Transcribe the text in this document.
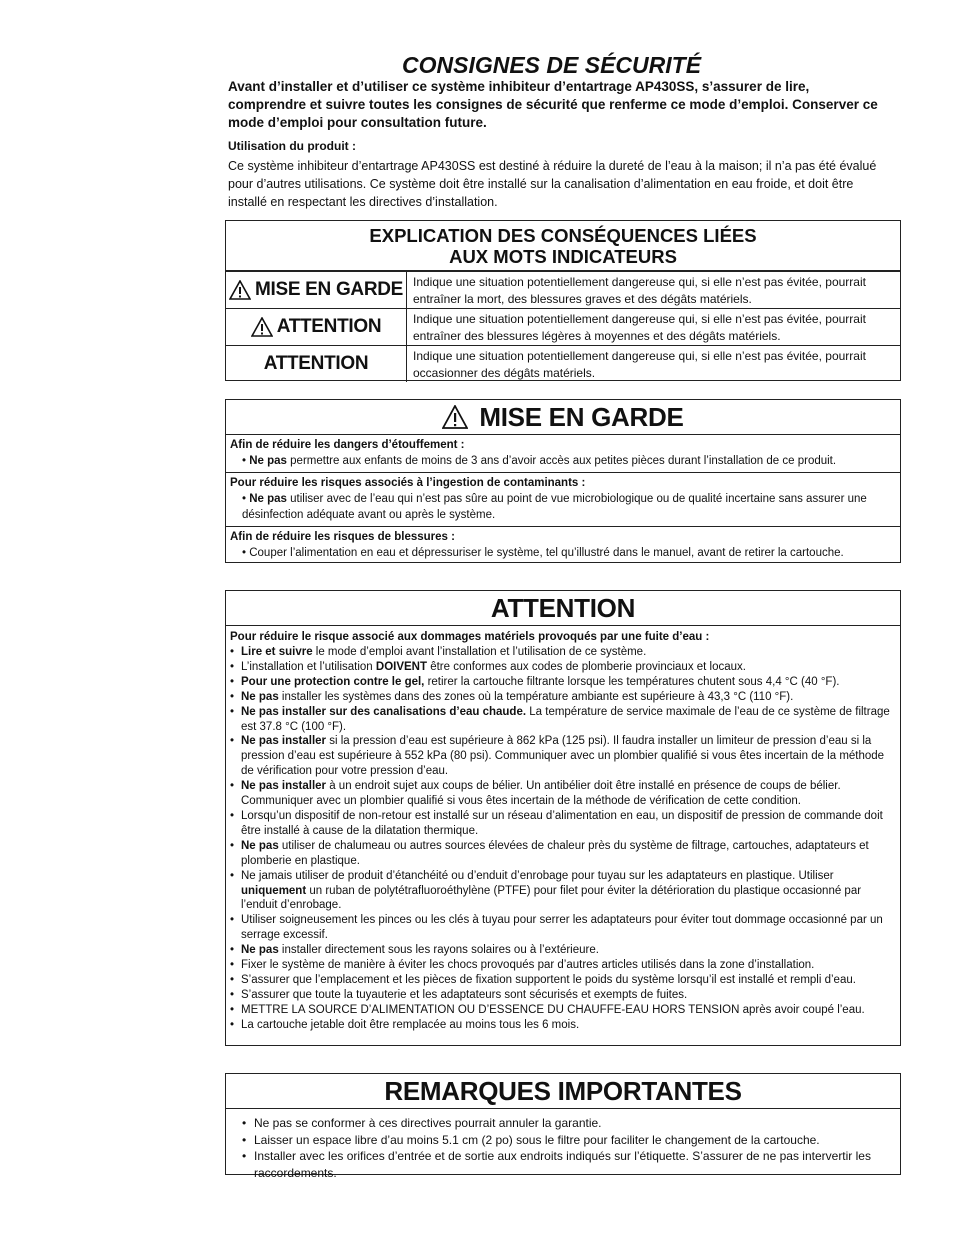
CONSIGNES DE SÉCURITÉ
Avant d’installer et d’utiliser ce système inhibiteur d’entartrage AP430SS, s’assurer de lire, comprendre et suivre toutes les consignes de sécurité que renferme ce mode d’emploi. Conserver ce mode d’emploi pour consultation future.
Utilisation du produit :
Ce système inhibiteur d’entartrage AP430SS est destiné à réduire la dureté de l’eau à la maison; il n’a pas été évalué pour d’autres utilisations. Ce système doit être installé sur la canalisation d’alimentation en eau froide, et doit être installé en respectant les directives d’installation.
EXPLICATION DES CONSÉQUENCES LIÉES
AUX MOTS INDICATEURS
MISE EN GARDE Indique une situation potentiellement dangereuse qui, si elle n’est pas évitée, pourrait entraîner la mort, des blessures graves et des dégâts matériels.
ATTENTION	Indique une situation potentiellement dangereuse qui, si elle n’est pas évitée, pourrait entraîner des blessures légères à moyennes et des dégâts matériels.
ATTENTION	Indique une situation potentiellement dangereuse qui, si elle n’est pas évitée, pourrait occasionner des dégâts matériels.
MISE EN GARDE
Afin de réduire les dangers d’étouffement :
• Ne pas permettre aux enfants de moins de 3 ans d’avoir accès aux petites pièces durant l’installation de ce produit.
Pour réduire les risques associés à l’ingestion de contaminants :
• Ne pas utiliser avec de l’eau qui n’est pas sûre au point de vue microbiologique ou de qualité incertaine sans assurer une désinfection adéquate avant ou après le système.
Afin de réduire les risques de blessures :
• Couper l’alimentation en eau et dépressuriser le système, tel qu’illustré dans le manuel, avant de retirer la cartouche.
ATTENTION
Pour réduire le risque associé aux dommages matériels provoqués par une fuite d’eau :
• Lire et suivre le mode d’emploi avant l’installation et l’utilisation de ce système.
• L’installation et l’utilisation DOIVENT être conformes aux codes de plomberie provinciaux et locaux.
• Pour une protection contre le gel, retirer la cartouche filtrante lorsque les températures chutent sous 4,4 °C (40 °F).
• Ne pas installer les systèmes dans des zones où la température ambiante est supérieure à 43,3 °C (110 °F).
• Ne pas installer sur des canalisations d’eau chaude. La température de service maximale de l’eau de ce système de filtrage est 37.8 °C (100 °F).
• Ne pas installer si la pression d’eau est supérieure à 862 kPa (125 psi). Il faudra installer un limiteur de pression d’eau si la pression d’eau est supérieure à 552 kPa (80 psi). Communiquer avec un plombier qualifié si vous êtes incertain de la méthode de vérification pour votre pression d’eau.
• Ne pas installer à un endroit sujet aux coups de bélier. Un antibélier doit être installé en présence de coups de bélier. Communiquer avec un plombier qualifié si vous êtes incertain de la méthode de vérification de cette condition.
• Lorsqu’un dispositif de non-retour est installé sur un réseau d’alimentation en eau, un dispositif de pression de commande doit être installé à cause de la dilatation thermique.
• Ne pas utiliser de chalumeau ou autres sources élevées de chaleur près du système de filtrage, cartouches, adaptateurs et plomberie en plastique.
• Ne jamais utiliser de produit d’étanchéité ou d’enduit d’enrobage pour tuyau sur les adaptateurs en plastique. Utiliser uniquement un ruban de polytétrafluoroéthylène (PTFE) pour filet pour éviter la détérioration du plastique occasionné par l’enduit d’enrobage.
• Utiliser soigneusement les pinces ou les clés à tuyau pour serrer les adaptateurs pour éviter tout dommage occasionné par un serrage excessif.
• Ne pas installer directement sous les rayons solaires ou à l’extérieure.
• Fixer le système de manière à éviter les chocs provoqués par d’autres articles utilisés dans la zone d’installation.
• S’assurer que l’emplacement et les pièces de fixation supportent le poids du système lorsqu’il est installé et rempli d’eau.
• S’assurer que toute la tuyauterie et les adaptateurs sont sécurisés et exempts de fuites.
• METTRE LA SOURCE D’ALIMENTATION OU D’ESSENCE DU CHAUFFE-EAU HORS TENSION après avoir coupé l’eau.
• La cartouche jetable doit être remplacée au moins tous les 6 mois.
REMARQUES IMPORTANTES
• Ne pas se conformer à ces directives pourrait annuler la garantie.
• Laisser un espace libre d’au moins 5.1 cm (2 po) sous le filtre pour faciliter le changement de la cartouche.
• Installer avec les orifices d’entrée et de sortie aux endroits indiqués sur l’étiquette. S’assurer de ne pas intervertir les raccordements.
